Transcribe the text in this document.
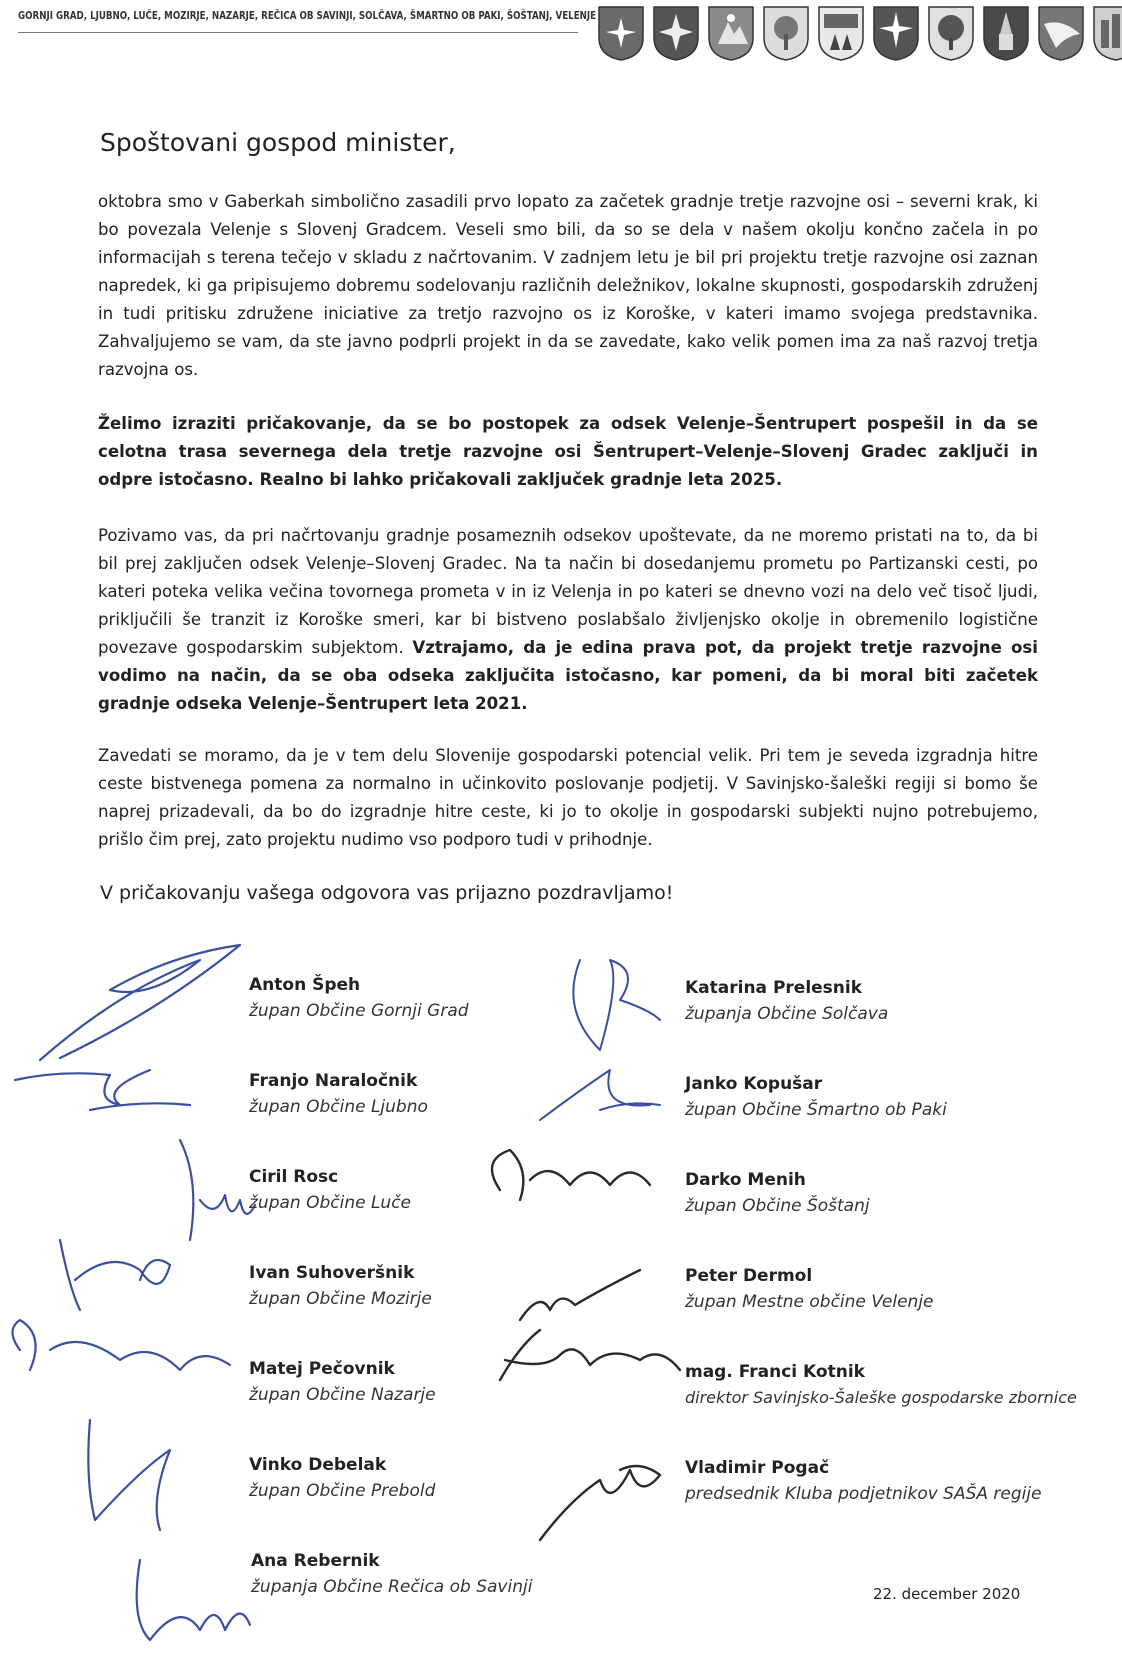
GORNJI GRAD, LJUBNO, LUČE, MOZIRJE, NAZARJE, REČICA OB SAVINJI, SOLČAVA, ŠMARTNO OB PAKI, ŠOŠTANJ, VELENJE
Spoštovani gospod minister,
oktobra smo v Gaberkah simbolično zasadili prvo lopato za začetek gradnje tretje razvojne osi – severni krak, ki bo povezala Velenje s Slovenj Gradcem. Veseli smo bili, da so se dela v našem okolju končno začela in po informacijah s terena tečejo v skladu z načrtovanim. V zadnjem letu je bil pri projektu tretje razvojne osi zaznan napredek, ki ga pripisujemo dobremu sodelovanju različnih deležnikov, lokalne skupnosti, gospodarskih združenj in tudi pritisku združene iniciative za tretjo razvojno os iz Koroške, v kateri imamo svojega predstavnika. Zahvaljujemo se vam, da ste javno podprli projekt in da se zavedate, kako velik pomen ima za naš razvoj tretja razvojna os.
Želimo izraziti pričakovanje, da se bo postopek za odsek Velenje–Šentrupert pospešil in da se celotna trasa severnega dela tretje razvojne osi Šentrupert–Velenje–Slovenj Gradec zaključi in odpre istočasno. Realno bi lahko pričakovali zaključek gradnje leta 2025.
Pozivamo vas, da pri načrtovanju gradnje posameznih odsekov upoštevate, da ne moremo pristati na to, da bi bil prej zaključen odsek Velenje–Slovenj Gradec. Na ta način bi dosedanjemu prometu po Partizanski cesti, po kateri poteka velika večina tovornega prometa v in iz Velenja in po kateri se dnevno vozi na delo več tisoč ljudi, priključili še tranzit iz Koroške smeri, kar bi bistveno poslabšalo življenjsko okolje in obremenilo logistične povezave gospodarskim subjektom. Vztrajamo, da je edina prava pot, da projekt tretje razvojne osi vodimo na način, da se oba odseka zaključita istočasno, kar pomeni, da bi moral biti začetek gradnje odseka Velenje–Šentrupert leta 2021.
Zavedati se moramo, da je v tem delu Slovenije gospodarski potencial velik. Pri tem je seveda izgradnja hitre ceste bistvenega pomena za normalno in učinkovito poslovanje podjetij. V Savinjsko-šaleški regiji si bomo še naprej prizadevali, da bo do izgradnje hitre ceste, ki jo to okolje in gospodarski subjekti nujno potrebujemo, prišlo čim prej, zato projektu nudimo vso podporo tudi v prihodnje.
V pričakovanju vašega odgovora vas prijazno pozdravljamo!
Anton Špeh
župan Občine Gornji Grad
Franjo Naraločnik
župan Občine Ljubno
Ciril Rosc
župan Občine Luče
Ivan Suhoveršnik
župan Občine Mozirje
Matej Pečovnik
župan Občine Nazarje
Vinko Debelak
župan Občine Prebold
Ana Rebernik
županja Občine Rečica ob Savinji
Katarina Prelesnik
županja Občine Solčava
Janko Kopušar
župan Občine Šmartno ob Paki
Darko Menih
župan Občine Šoštanj
Peter Dermol
župan Mestne občine Velenje
mag. Franci Kotnik
direktor Savinjsko-Šaleške gospodarske zbornice
Vladimir Pogač
predsednik Kluba podjetnikov SAŠA regije
22. december 2020
